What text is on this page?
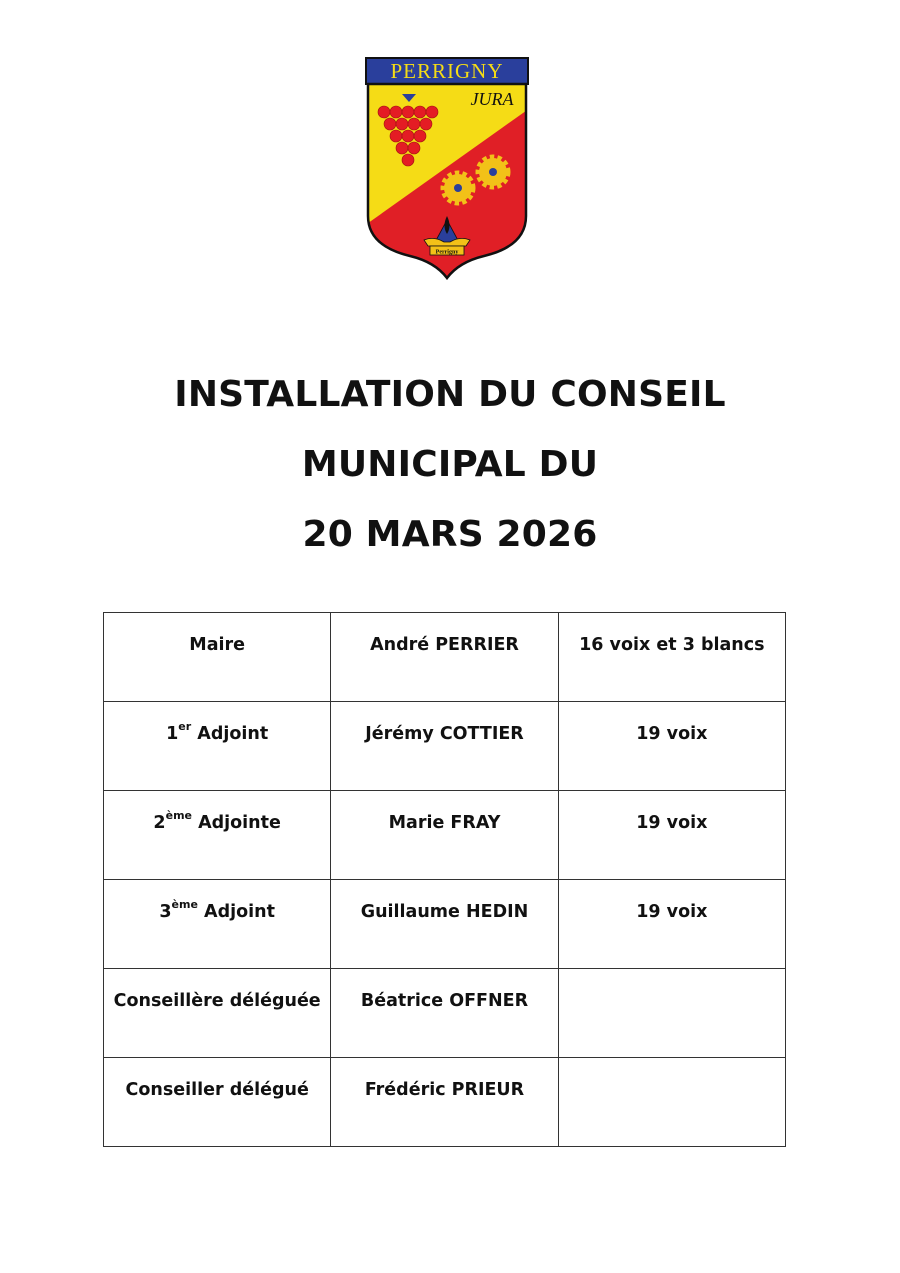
PERRIGNY
JURA
Perrigny
INSTALLATION DU CONSEIL
MUNICIPAL DU
20 MARS 2026
Maire	André PERRIER	16 voix et 3 blancs
1er Adjoint	Jérémy COTTIER	19 voix
2ème Adjointe	Marie FRAY	19 voix
3ème Adjoint	Guillaume HEDIN	19 voix
Conseillère déléguée	Béatrice OFFNER	
Conseiller délégué	Frédéric PRIEUR	
